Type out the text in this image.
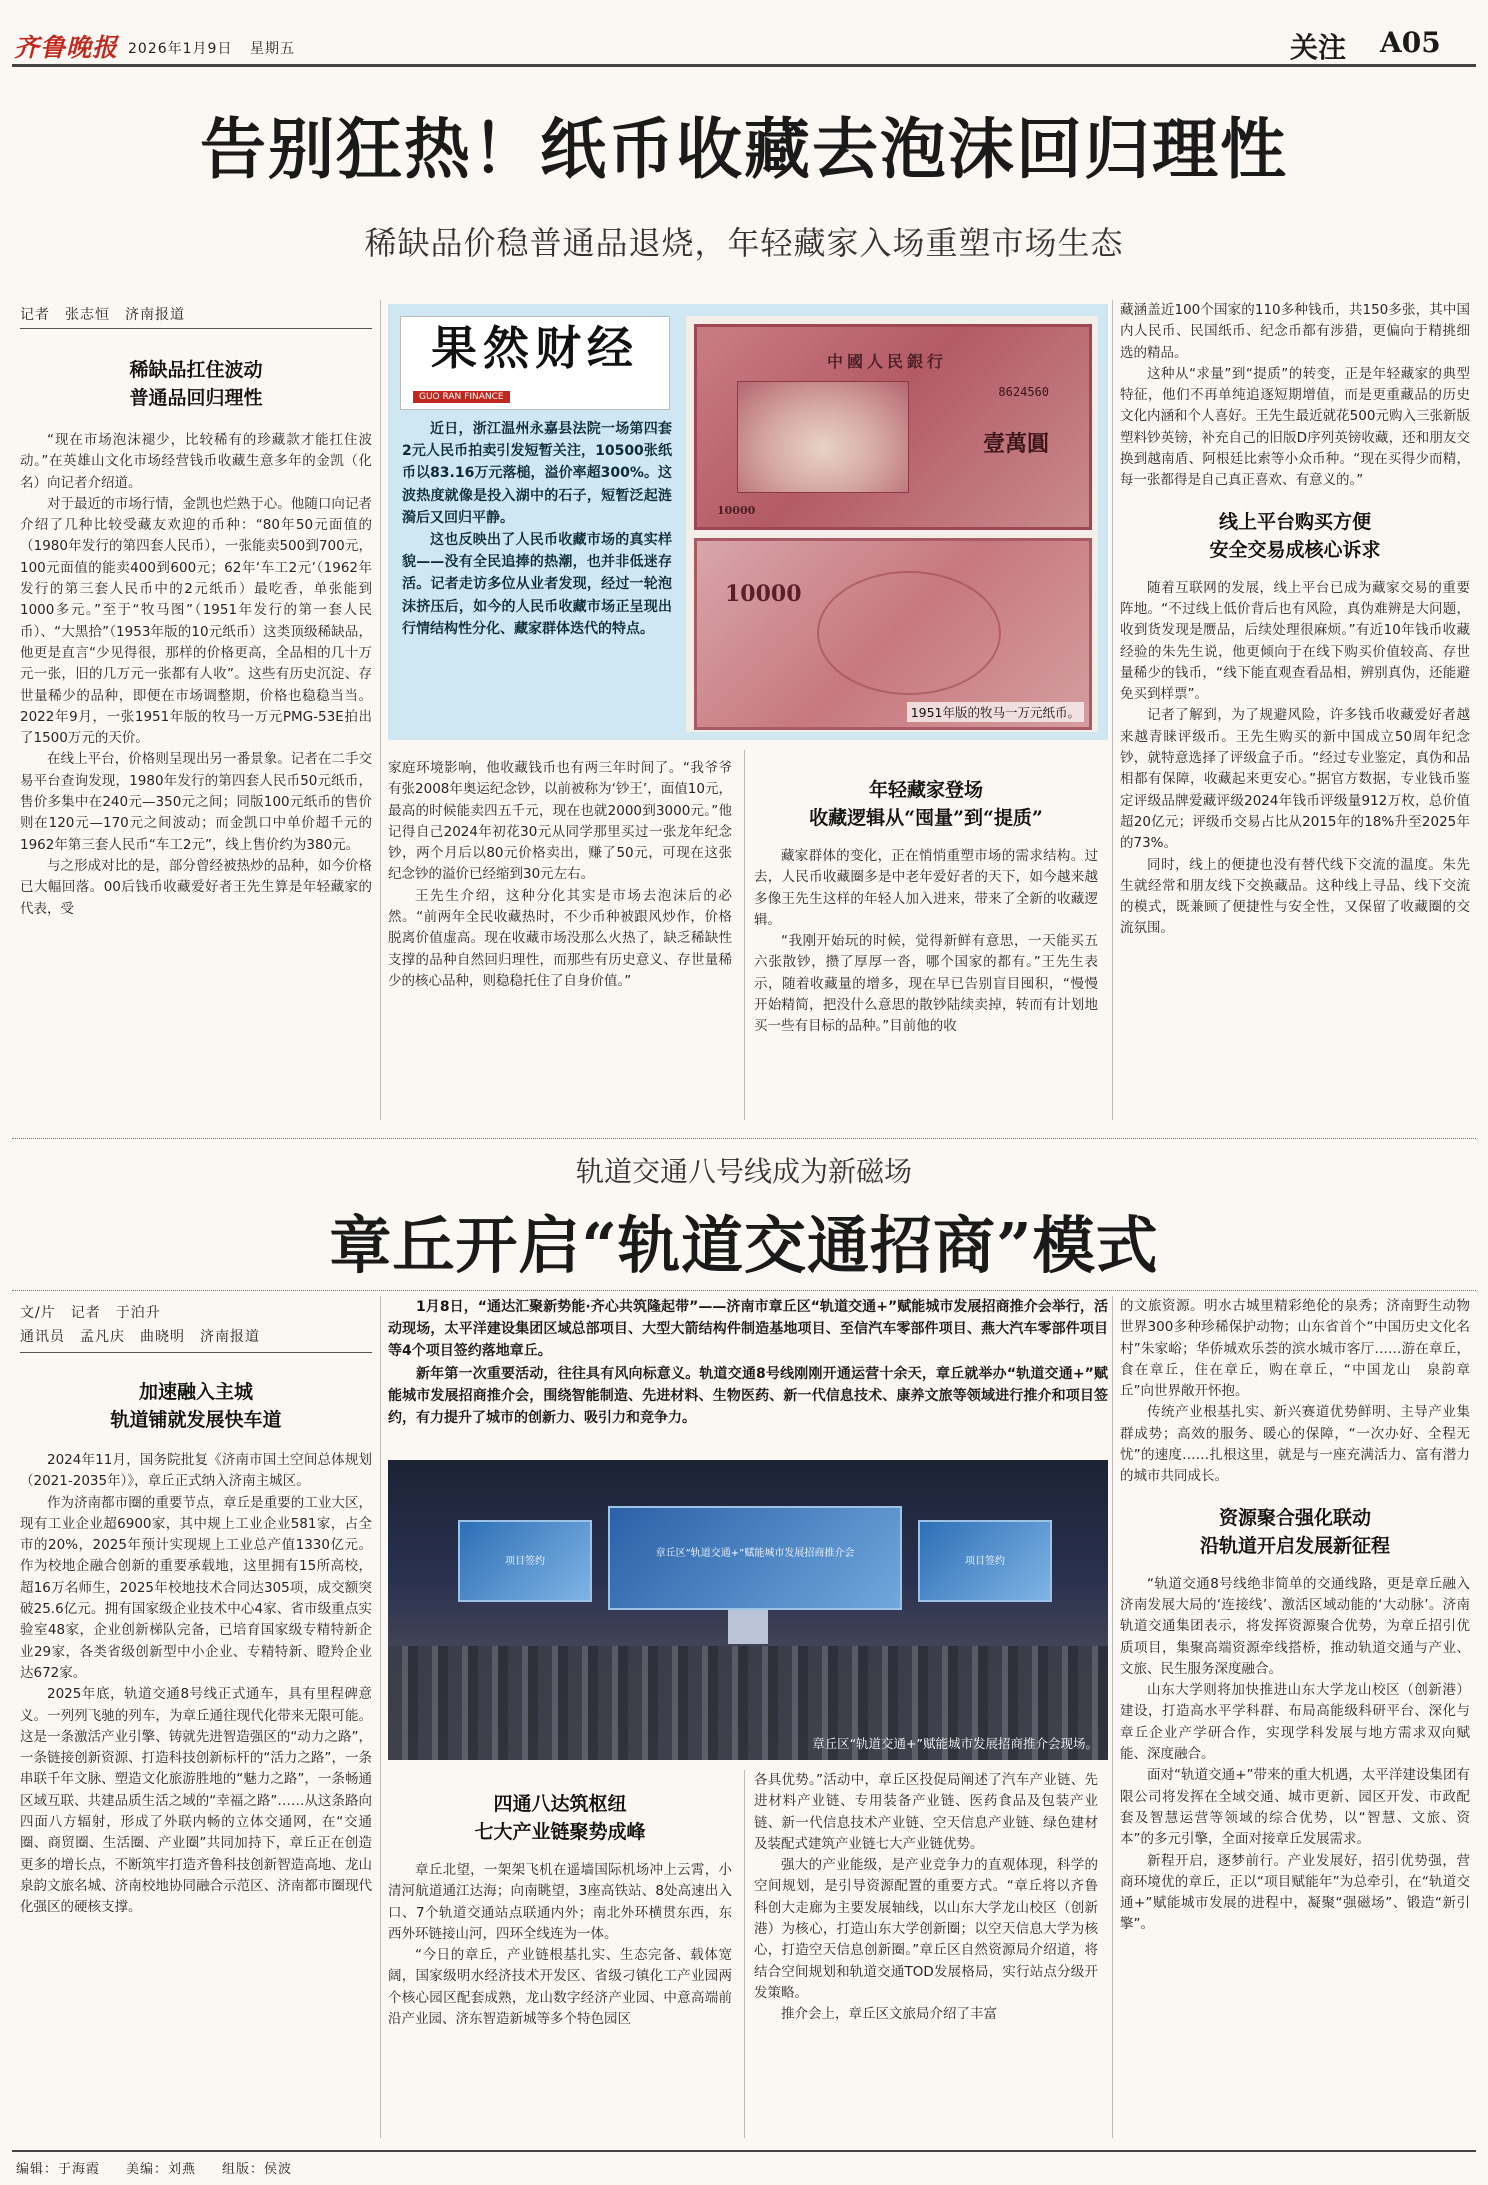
齐鲁晚报 2026年1月9日 星期五	关注 A05
告别狂热！纸币收藏去泡沫回归理性
稀缺品价稳普通品退烧，年轻藏家入场重塑市场生态
记者　张志恒　济南报道

稀缺品扛住波动

普通品回归理性

“现在市场泡沫褪少，比较稀有的珍藏款才能扛住波动。”在英雄山文化市场经营钱币收藏生意多年的金凯（化名）向记者介绍道。

对于最近的市场行情，金凯也烂熟于心。他随口向记者介绍了几种比较受藏友欢迎的币种：“80年50元面值的（1980年发行的第四套人民币），一张能卖500到700元，100元面值的能卖400到600元；62年‘车工2元’（1962年发行的第三套人民币中的2元纸币）最吃香，单张能到1000多元。”至于“牧马图”（1951年发行的第一套人民币）、“大黑拾”（1953年版的10元纸币）这类顶级稀缺品，他更是直言“少见得很，那样的价格更高，全品相的几十万元一张，旧的几万元一张都有人收”。这些有历史沉淀、存世量稀少的品种，即便在市场调整期，价格也稳稳当当。2022年9月，一张1951年版的牧马一万元PMG-53E拍出了1500万元的天价。

在线上平台，价格则呈现出另一番景象。记者在二手交易平台查询发现，1980年发行的第四套人民币50元纸币，售价多集中在240元—350元之间；同版100元纸币的售价则在120元—170元之间波动；而金凯口中单价超千元的1962年第三套人民币“车工2元”，线上售价约为380元。

与之形成对比的是，部分曾经被热炒的品种，如今价格已大幅回落。00后钱币收藏爱好者王先生算是年轻藏家的代表，受

果然财经
GUO RAN FINANCE

近日，浙江温州永嘉县法院一场第四套2元人民币拍卖引发短暂关注，10500张纸币以83.16万元落槌，溢价率超300%。这波热度就像是投入湖中的石子，短暂泛起涟漪后又回归平静。

这也反映出了人民币收藏市场的真实样貌——没有全民追捧的热潮，也并非低迷存活。记者走访多位从业者发现，经过一轮泡沫挤压后，如今的人民币收藏市场正呈现出行情结构性分化、藏家群体迭代的特点。

中國人民銀行
8624560
壹萬圓
10000
10000
1951年版的牧马一万元纸币。

家庭环境影响，他收藏钱币也有两三年时间了。“我爷爷有张2008年奥运纪念钞，以前被称为‘钞王’，面值10元，最高的时候能卖四五千元，现在也就2000到3000元。”他记得自己2024年初花30元从同学那里买过一张龙年纪念钞，两个月后以80元价格卖出，赚了50元，可现在这张纪念钞的溢价已经缩到30元左右。

王先生介绍，这种分化其实是市场去泡沫后的必然。“前两年全民收藏热时，不少币种被跟风炒作，价格脱离价值虚高。现在收藏市场没那么火热了，缺乏稀缺性支撑的品种自然回归理性，而那些有历史意义、存世量稀少的核心品种，则稳稳托住了自身价值。”

年轻藏家登场

收藏逻辑从“囤量”到“提质”

藏家群体的变化，正在悄悄重塑市场的需求结构。过去，人民币收藏圈多是中老年爱好者的天下，如今越来越多像王先生这样的年轻人加入进来，带来了全新的收藏逻辑。

“我刚开始玩的时候，觉得新鲜有意思，一天能买五六张散钞，攒了厚厚一沓，哪个国家的都有。”王先生表示，随着收藏量的增多，现在早已告别盲目囤积，“慢慢开始精简，把没什么意思的散钞陆续卖掉，转而有计划地买一些有目标的品种。”目前他的收

藏涵盖近100个国家的110多种钱币，共150多张，其中国内人民币、民国纸币、纪念币都有涉猎，更偏向于精挑细选的精品。

这种从“求量”到“提质”的转变，正是年轻藏家的典型特征，他们不再单纯追逐短期增值，而是更重藏品的历史文化内涵和个人喜好。王先生最近就花500元购入三张新版塑料钞英镑，补充自己的旧版D序列英镑收藏，还和朋友交换到越南盾、阿根廷比索等小众币种。“现在买得少而精，每一张都得是自己真正喜欢、有意义的。”

线上平台购买方便

安全交易成核心诉求

随着互联网的发展，线上平台已成为藏家交易的重要阵地。“不过线上低价背后也有风险，真伪难辨是大问题，收到货发现是赝品，后续处理很麻烦。”有近10年钱币收藏经验的朱先生说，他更倾向于在线下购买价值较高、存世量稀少的钱币，“线下能直观查看品相，辨别真伪，还能避免买到样票”。

记者了解到，为了规避风险，许多钱币收藏爱好者越来越青睐评级币。王先生购买的新中国成立50周年纪念钞，就特意选择了评级盒子币。“经过专业鉴定，真伪和品相都有保障，收藏起来更安心。”据官方数据，专业钱币鉴定评级品牌爱藏评级2024年钱币评级量912万枚，总价值超20亿元；评级币交易占比从2015年的18%升至2025年的73%。

同时，线上的便捷也没有替代线下交流的温度。朱先生就经常和朋友线下交换藏品。这种线上寻品、线下交流的模式，既兼顾了便捷性与安全性，又保留了收藏圈的交流氛围。

轨道交通八号线成为新磁场
章丘开启“轨道交通招商”模式
文/片　记者　于泊升
通讯员　孟凡庆　曲晓明　济南报道

1月8日，“通达汇聚新势能·齐心共筑隆起带”——济南市章丘区“轨道交通+”赋能城市发展招商推介会举行，活动现场，太平洋建设集团区域总部项目、大型大箭结构件制造基地项目、至信汽车零部件项目、燕大汽车零部件项目等4个项目签约落地章丘。

新年第一次重要活动，往往具有风向标意义。轨道交通8号线刚刚开通运营十余天，章丘就举办“轨道交通+”赋能城市发展招商推介会，围绕智能制造、先进材料、生物医药、新一代信息技术、康养文旅等领域进行推介和项目签约，有力提升了城市的创新力、吸引力和竞争力。

项目签约
章丘区“轨道交通+”赋能城市发展招商推介会
项目签约
章丘区“轨道交通+”赋能城市发展招商推介会现场。

加速融入主城

轨道铺就发展快车道

2024年11月，国务院批复《济南市国土空间总体规划（2021-2035年）》，章丘正式纳入济南主城区。

作为济南都市圈的重要节点，章丘是重要的工业大区，现有工业企业超6900家，其中规上工业企业581家，占全市的20%，2025年预计实现规上工业总产值1330亿元。作为校地企融合创新的重要承载地，这里拥有15所高校，超16万名师生，2025年校地技术合同达305项，成交额突破25.6亿元。拥有国家级企业技术中心4家、省市级重点实验室48家，企业创新梯队完备，已培育国家级专精特新企业29家，各类省级创新型中小企业、专精特新、瞪羚企业达672家。

2025年底，轨道交通8号线正式通车，具有里程碑意义。一列列飞驰的列车，为章丘通往现代化带来无限可能。这是一条激活产业引擎、铸就先进智造强区的“动力之路”，一条链接创新资源、打造科技创新标杆的“活力之路”，一条串联千年文脉、塑造文化旅游胜地的“魅力之路”，一条畅通区域互联、共建品质生活之域的“幸福之路”……从这条路向四面八方辐射，形成了外联内畅的立体交通网，在“交通圈、商贸圈、生活圈、产业圈”共同加持下，章丘正在创造更多的增长点，不断筑牢打造齐鲁科技创新智造高地、龙山泉韵文旅名城、济南校地协同融合示范区、济南都市圈现代化强区的硬核支撑。

四通八达筑枢纽

七大产业链聚势成峰

章丘北望，一架架飞机在遥墙国际机场冲上云霄，小清河航道通江达海；向南眺望，3座高铁站、8处高速出入口、7个轨道交通站点联通内外；南北外环横贯东西，东西外环链接山河，四环全线连为一体。

“今日的章丘，产业链根基扎实、生态完备、载体宽阔，国家级明水经济技术开发区、省级刁镇化工产业园两个核心园区配套成熟，龙山数字经济产业园、中意高端前沿产业园、济东智造新城等多个特色园区

各具优势。”活动中，章丘区投促局阐述了汽车产业链、先进材料产业链、专用装备产业链、医药食品及包装产业链、新一代信息技术产业链、空天信息产业链、绿色建材及装配式建筑产业链七大产业链优势。

强大的产业能级，是产业竞争力的直观体现，科学的空间规划，是引导资源配置的重要方式。“章丘将以齐鲁科创大走廊为主要发展轴线，以山东大学龙山校区（创新港）为核心，打造山东大学创新圈；以空天信息大学为核心，打造空天信息创新圈。”章丘区自然资源局介绍道，将结合空间规划和轨道交通TOD发展格局，实行站点分级开发策略。

推介会上，章丘区文旅局介绍了丰富

的文旅资源。明水古城里精彩绝伦的泉秀；济南野生动物世界300多种珍稀保护动物；山东省首个“中国历史文化名村”朱家峪；华侨城欢乐荟的滨水城市客厅……游在章丘，食在章丘，住在章丘，购在章丘，“中国龙山　泉韵章丘”向世界敞开怀抱。

传统产业根基扎实、新兴赛道优势鲜明、主导产业集群成势；高效的服务、暖心的保障，“一次办好、全程无忧”的速度……扎根这里，就是与一座充满活力、富有潜力的城市共同成长。

资源聚合强化联动

沿轨道开启发展新征程

“轨道交通8号线绝非简单的交通线路，更是章丘融入济南发展大局的‘连接线’、激活区域动能的‘大动脉’。济南轨道交通集团表示，将发挥资源聚合优势，为章丘招引优质项目，集聚高端资源牵线搭桥，推动轨道交通与产业、文旅、民生服务深度融合。

山东大学则将加快推进山东大学龙山校区（创新港）建设，打造高水平学科群、布局高能级科研平台、深化与章丘企业产学研合作，实现学科发展与地方需求双向赋能、深度融合。

面对“轨道交通+”带来的重大机遇，太平洋建设集团有限公司将发挥在全域交通、城市更新、园区开发、市政配套及智慧运营等领域的综合优势，以“智慧、文旅、资本”的多元引擎，全面对接章丘发展需求。

新程开启，逐梦前行。产业发展好，招引优势强，营商环境优的章丘，正以“项目赋能年”为总牵引，在“轨道交通+”赋能城市发展的进程中，凝聚“强磁场”、锻造“新引擎”。

编辑：于海霞 美编：刘燕 组版：侯波
